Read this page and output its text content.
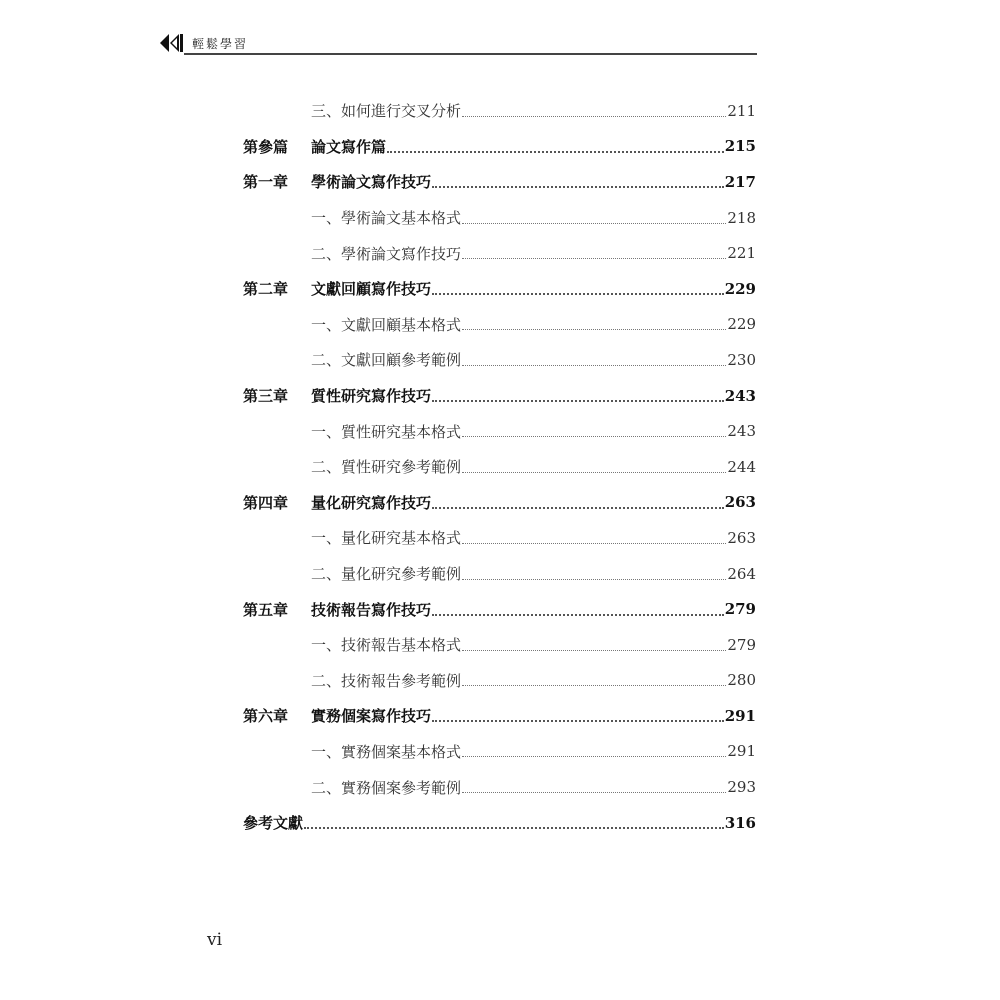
輕鬆學習
三、如何進行交叉分析	211
第參篇	論文寫作篇	215
第一章	學術論文寫作技巧	217
一、學術論文基本格式	218
二、學術論文寫作技巧	221
第二章	文獻回顧寫作技巧	229
一、文獻回顧基本格式	229
二、文獻回顧參考範例	230
第三章	質性研究寫作技巧	243
一、質性研究基本格式	243
二、質性研究參考範例	244
第四章	量化研究寫作技巧	263
一、量化研究基本格式	263
二、量化研究參考範例	264
第五章	技術報告寫作技巧	279
一、技術報告基本格式	279
二、技術報告參考範例	280
第六章	實務個案寫作技巧	291
一、實務個案基本格式	291
二、實務個案參考範例	293
參考文獻	316
vi
